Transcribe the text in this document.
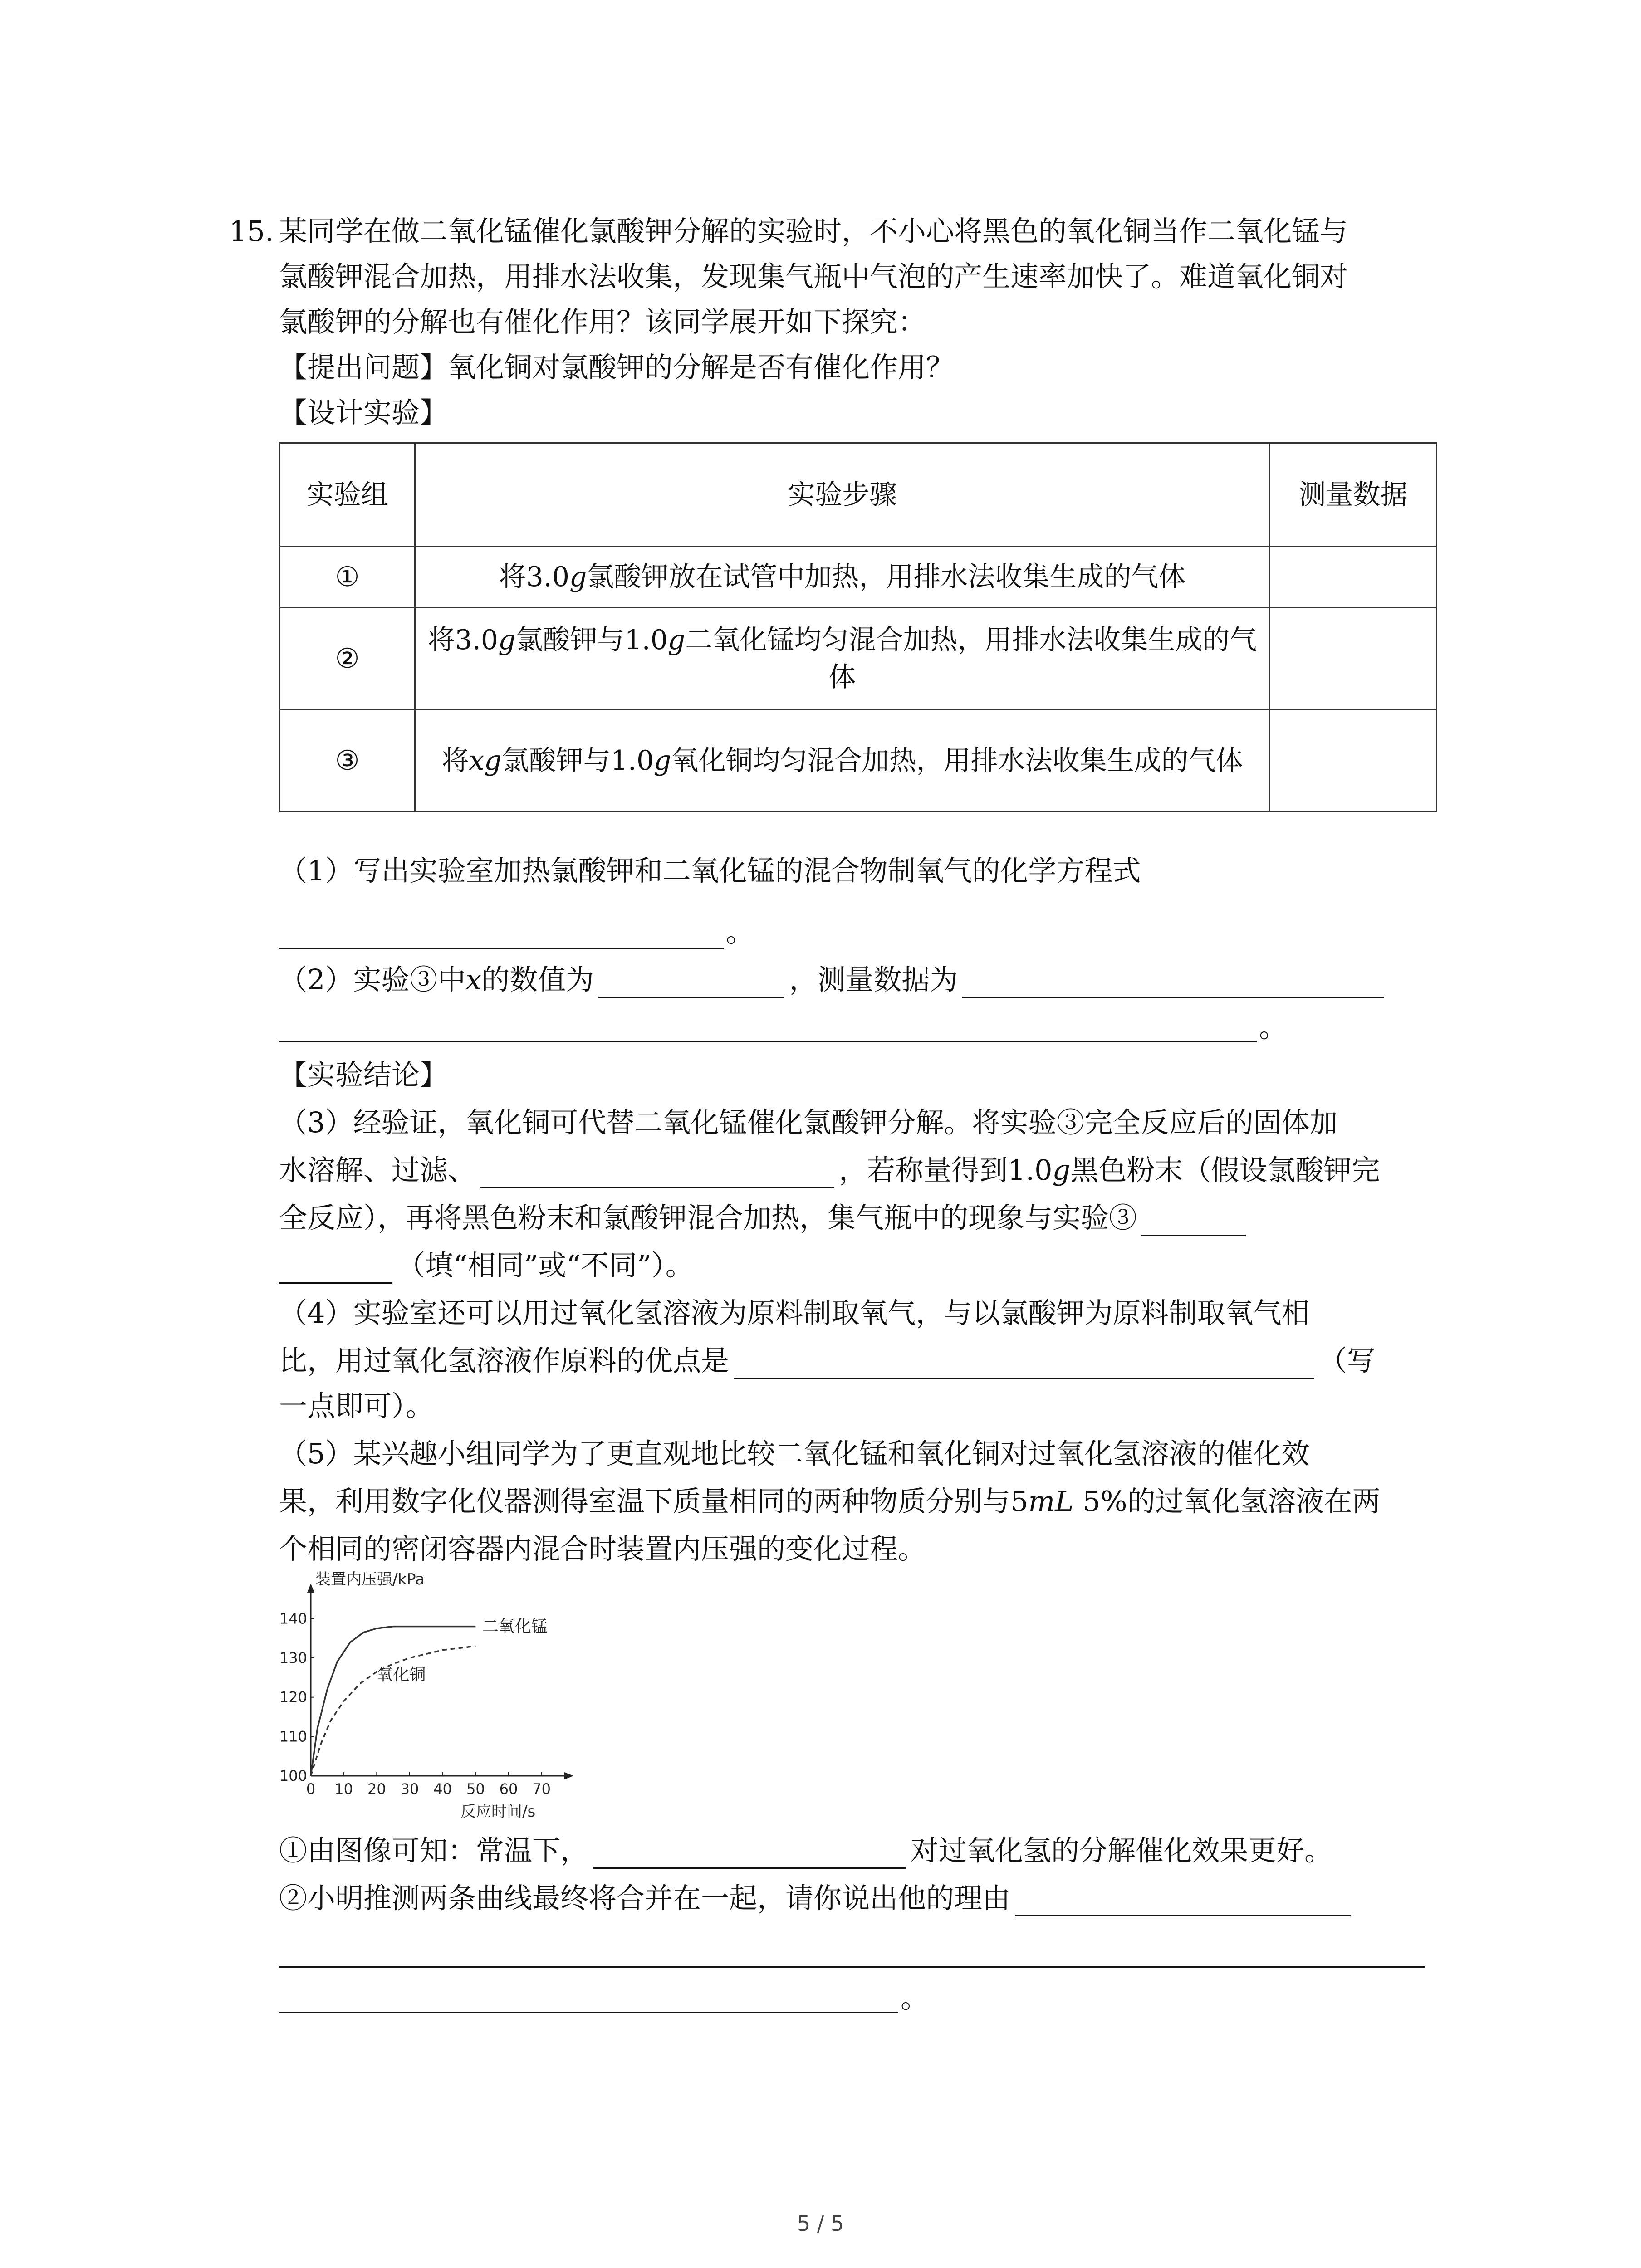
15. 某同学在做二氧化锰催化氯酸钾分解的实验时，不小心将黑色的氧化铜当作二氧化锰与
氯酸钾混合加热，用排水法收集，发现集气瓶中气泡的产生速率加快了。难道氧化铜对
氯酸钾的分解也有催化作用？该同学展开如下探究：
【提出问题】氧化铜对氯酸钾的分解是否有催化作用？
【设计实验】
实验组	实验步骤	测量数据
①	将3.0g氯酸钾放在试管中加热，用排水法收集生成的气体	
②	将3.0g氯酸钾与1.0g二氧化锰均匀混合加热，用排水法收集生成的气体	
③	将xg氯酸钾与1.0g氧化铜均匀混合加热，用排水法收集生成的气体	
（1）写出实验室加热氯酸钾和二氧化锰的混合物制氧气的化学方程式
。
（2）实验③中x的数值为	，测量数据为
。
【实验结论】
（3）经验证，氧化铜可代替二氧化锰催化氯酸钾分解。将实验③完全反应后的固体加
水溶解、过滤、	，若称量得到1.0g黑色粉末（假设氯酸钾完
全反应），再将黑色粉末和氯酸钾混合加热，集气瓶中的现象与实验③
（填“相同”或“不同”）。
（4）实验室还可以用过氧化氢溶液为原料制取氧气，与以氯酸钾为原料制取氧气相
比，用过氧化氢溶液作原料的优点是	（写
一点即可）。
（5）某兴趣小组同学为了更直观地比较二氧化锰和氧化铜对过氧化氢溶液的催化效
果，利用数字化仪器测得室温下质量相同的两种物质分别与5mL 5%的过氧化氢溶液在两
个相同的密闭容器内混合时装置内压强的变化过程。
0 10 20 30 40 50 60 70
100
110
120
130
140
装置内压强/kPa
反应时间/s
二氧化锰
氧化铜
①由图像可知：常温下，	对过氧化氢的分解催化效果更好。
②小明推测两条曲线最终将合并在一起，请你说出他的理由
。
5 / 5
